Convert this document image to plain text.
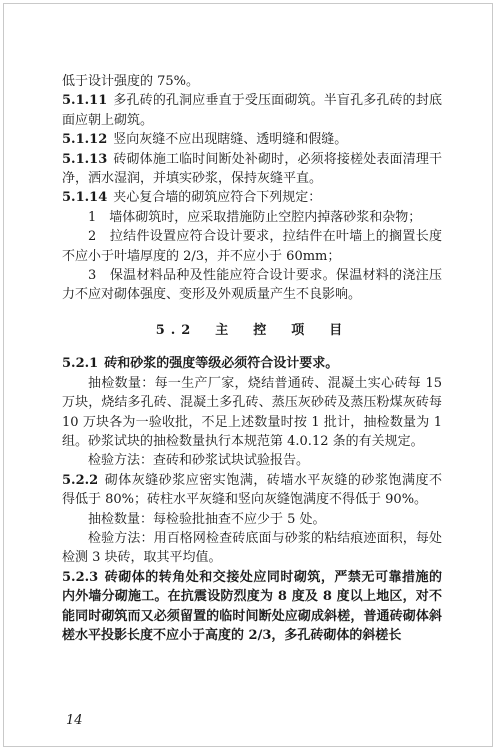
低于设计强度的 75%。

5.1.11 多孔砖的孔洞应垂直于受压面砌筑。半盲孔多孔砖的封底面应朝上砌筑。

5.1.12 竖向灰缝不应出现瞎缝、透明缝和假缝。

5.1.13 砖砌体施工临时间断处补砌时，必须将接槎处表面清理干净，洒水湿润，并填实砂浆，保持灰缝平直。

5.1.14 夹心复合墙的砌筑应符合下列规定：

1　墙体砌筑时，应采取措施防止空腔内掉落砂浆和杂物；

2　拉结件设置应符合设计要求，拉结件在叶墙上的搁置长度不应小于叶墙厚度的 2/3，并不应小于 60mm；

3　保温材料品种及性能应符合设计要求。保温材料的浇注压力不应对砌体强度、变形及外观质量产生不良影响。

5.2　主　控　项　目

5.2.1 砖和砂浆的强度等级必须符合设计要求。

抽检数量：每一生产厂家，烧结普通砖、混凝土实心砖每 15 万块，烧结多孔砖、混凝土多孔砖、蒸压灰砂砖及蒸压粉煤灰砖每 10 万块各为一验收批，不足上述数量时按 1 批计，抽检数量为 1 组。砂浆试块的抽检数量执行本规范第 4.0.12 条的有关规定。

检验方法：查砖和砂浆试块试验报告。

5.2.2 砌体灰缝砂浆应密实饱满，砖墙水平灰缝的砂浆饱满度不得低于 80%；砖柱水平灰缝和竖向灰缝饱满度不得低于 90%。

抽检数量：每检验批抽查不应少于 5 处。

检验方法：用百格网检查砖底面与砂浆的粘结痕迹面积，每处检测 3 块砖，取其平均值。

5.2.3 砖砌体的转角处和交接处应同时砌筑，严禁无可靠措施的内外墙分砌施工。在抗震设防烈度为 8 度及 8 度以上地区，对不能同时砌筑而又必须留置的临时间断处应砌成斜槎，普通砖砌体斜槎水平投影长度不应小于高度的 2/3，多孔砖砌体的斜槎长

14
